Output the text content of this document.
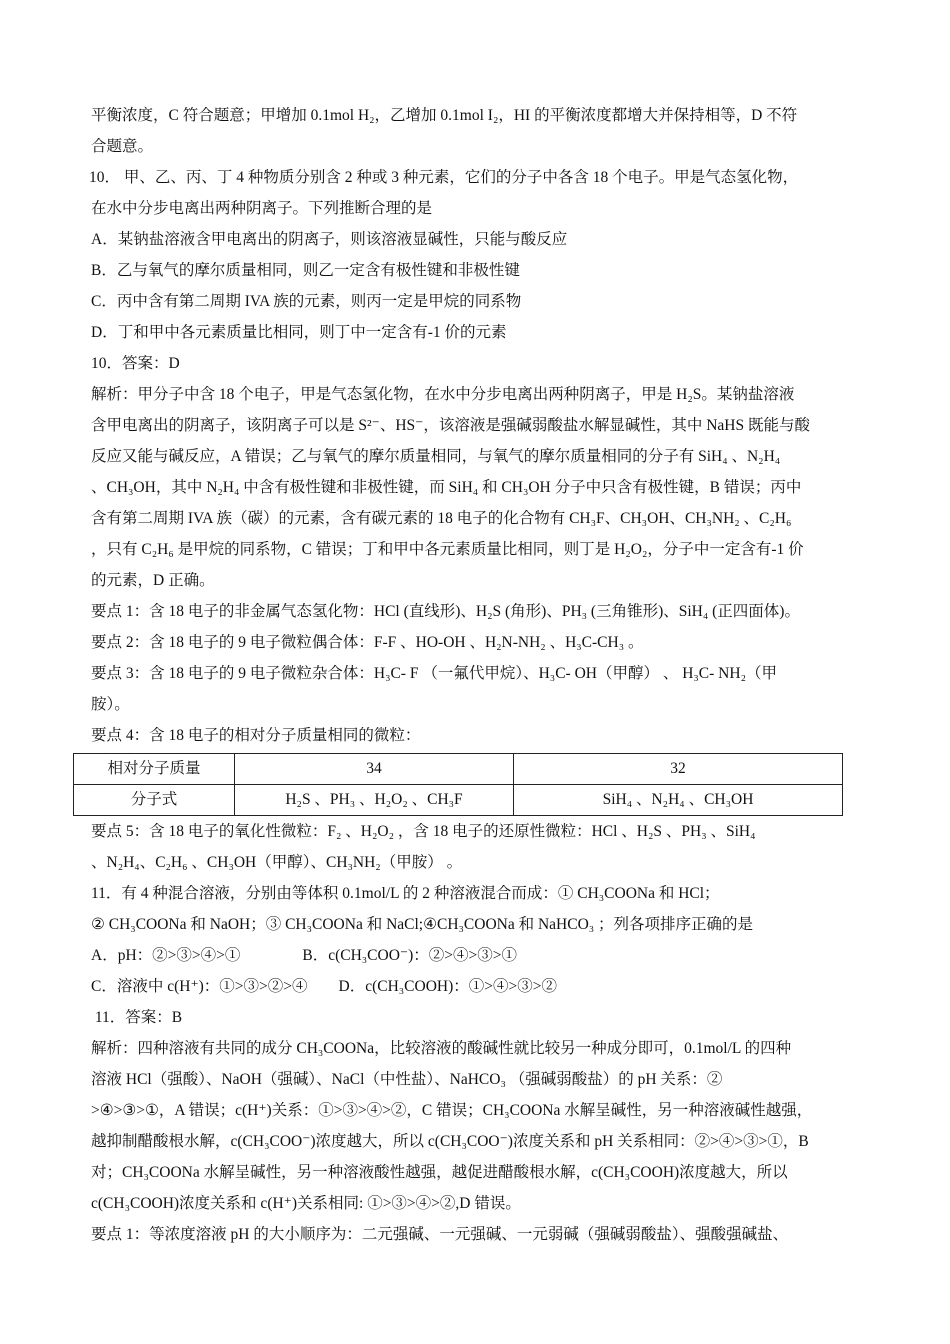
平衡浓度，C 符合题意；甲增加 0.1mol H₂，乙增加 0.1mol I₂，HI 的平衡浓度都增大并保持相等，D 不符
合题意。
10． 甲、乙、丙、丁 4 种物质分别含 2 种或 3 种元素，它们的分子中各含 18 个电子。甲是气态氢化物，
在水中分步电离出两种阴离子。下列推断合理的是
A．某钠盐溶液含甲电离出的阴离子，则该溶液显碱性，只能与酸反应
B．乙与氧气的摩尔质量相同，则乙一定含有极性键和非极性键
C．丙中含有第二周期 IVA 族的元素，则丙一定是甲烷的同系物
D．丁和甲中各元素质量比相同，则丁中一定含有-1 价的元素
10．答案：D
解析：甲分子中含 18 个电子，甲是气态氢化物，在水中分步电离出两种阴离子，甲是 H₂S。某钠盐溶液
含甲电离出的阴离子，该阴离子可以是 S²⁻、HS⁻，该溶液是强碱弱酸盐水解显碱性，其中 NaHS 既能与酸
反应又能与碱反应，A 错误；乙与氧气的摩尔质量相同，与氧气的摩尔质量相同的分子有 SiH₄ 、N₂H₄
、CH₃OH，其中 N₂H₄ 中含有极性键和非极性键，而 SiH₄ 和 CH₃OH 分子中只含有极性键，B 错误；丙中
含有第二周期 IVA 族（碳）的元素，含有碳元素的 18 电子的化合物有 CH₃F、CH₃OH、CH₃NH₂ 、C₂H₆
，只有 C₂H₆ 是甲烷的同系物，C 错误；丁和甲中各元素质量比相同，则丁是 H₂O₂，分子中一定含有-1 价
的元素，D 正确。
要点 1：含 18 电子的非金属气态氢化物：HCl (直线形)、H₂S (角形)、PH₃ (三角锥形)、SiH₄ (正四面体)。
要点 2：含 18 电子的 9 电子微粒偶合体：F-F 、HO-OH 、H₂N-NH₂ 、H₃C-CH₃ 。
要点 3：含 18 电子的 9 电子微粒杂合体：H₃C- F （一氟代甲烷）、H₃C- OH（甲醇） 、 H₃C- NH₂（甲
胺）。
要点 4：含 18 电子的相对分子质量相同的微粒：
相对分子质量	34	32
分子式	H₂S 、PH₃ 、H₂O₂ 、CH₃F	SiH₄ 、N₂H₄ 、CH₃OH
要点 5：含 18 电子的氧化性微粒：F₂ 、H₂O₂ ，含 18 电子的还原性微粒：HCl 、H₂S 、PH₃ 、SiH₄
、N₂H₄、C₂H₆ 、CH₃OH（甲醇）、CH₃NH₂（甲胺） 。
11．有 4 种混合溶液，分别由等体积 0.1mol/L 的 2 种溶液混合而成：① CH₃COONa 和 HCl；
② CH₃COONa 和 NaOH；③ CH₃COONa 和 NaCl;④CH₃COONa 和 NaHCO₃ ；列各项排序正确的是
A．pH：②>③>④>①                B．c(CH₃COO⁻)：②>④>③>①
C．溶液中 c(H⁺)：①>③>②>④        D．c(CH₃COOH)：①>④>③>②
11．答案：B
解析：四种溶液有共同的成分 CH₃COONa，比较溶液的酸碱性就比较另一种成分即可，0.1mol/L 的四种
溶液 HCl（强酸）、NaOH（强碱）、NaCl（中性盐）、NaHCO₃ （强碱弱酸盐）的 pH 关系：②
>④>③>①，A 错误；c(H⁺)关系：①>③>④>②，C 错误；CH₃COONa 水解呈碱性，另一种溶液碱性越强，
越抑制醋酸根水解，c(CH₃COO⁻)浓度越大，所以 c(CH₃COO⁻)浓度关系和 pH 关系相同：②>④>③>①，B
对；CH₃COONa 水解呈碱性，另一种溶液酸性越强，越促进醋酸根水解，c(CH₃COOH)浓度越大，所以
c(CH₃COOH)浓度关系和 c(H⁺)关系相同: ①>③>④>②,D 错误。
要点 1：等浓度溶液 pH 的大小顺序为：二元强碱、一元强碱、一元弱碱（强碱弱酸盐）、强酸强碱盐、
